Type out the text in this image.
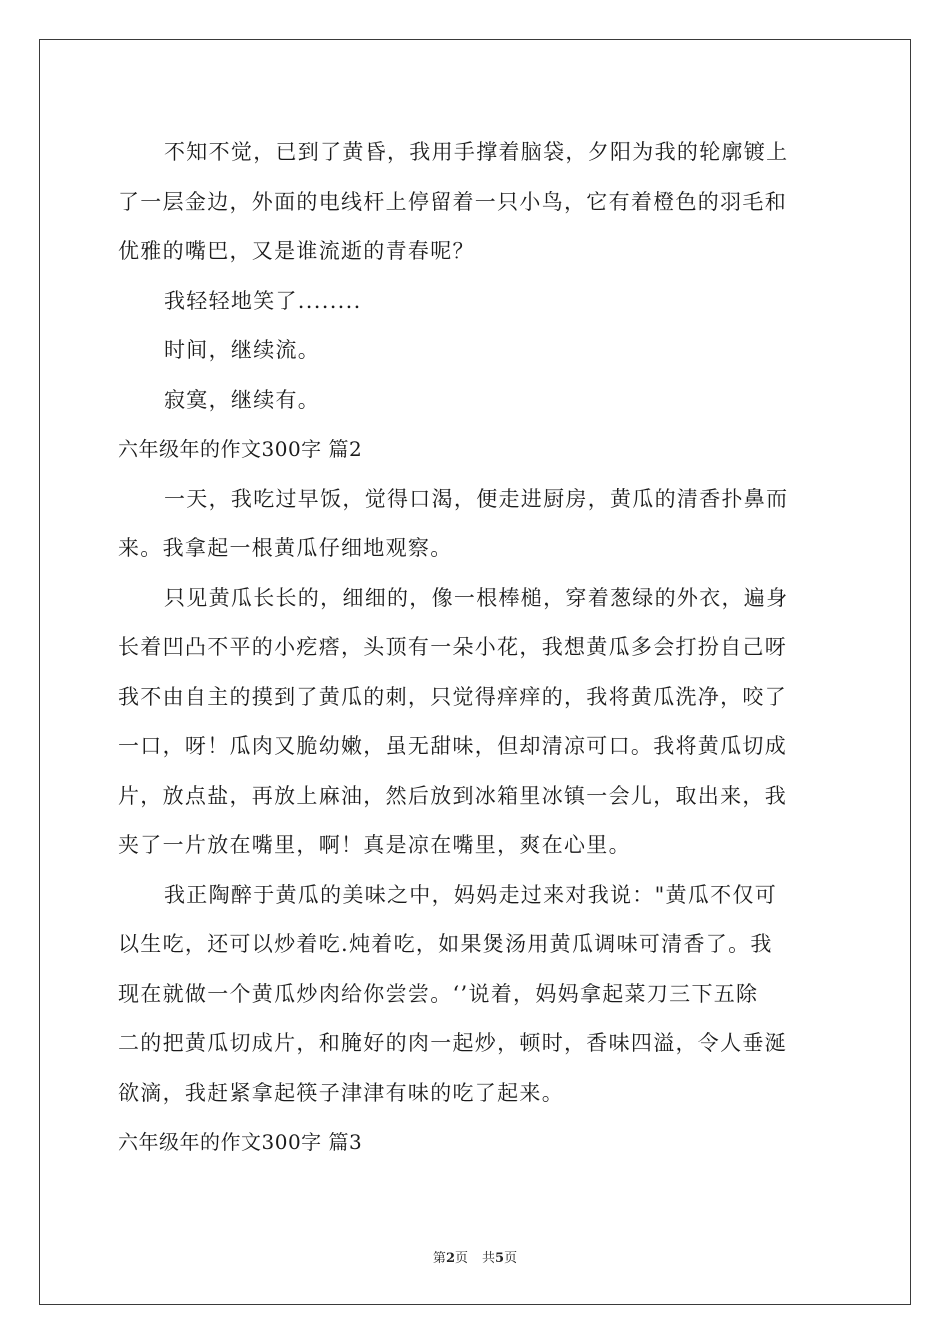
不知不觉，已到了黄昏，我用手撑着脑袋，夕阳为我的轮廓镀上
了一层金边，外面的电线杆上停留着一只小鸟，它有着橙色的羽毛和
优雅的嘴巴，又是谁流逝的青春呢？
我轻轻地笑了........
时间，继续流。
寂寞，继续有。
六年级年的作文300字 篇2
一天，我吃过早饭，觉得口渴，便走进厨房，黄瓜的清香扑鼻而
来。我拿起一根黄瓜仔细地观察。
只见黄瓜长长的，细细的，像一根棒槌，穿着葱绿的外衣，遍身
长着凹凸不平的小疙瘩，头顶有一朵小花，我想黄瓜多会打扮自己呀
我不由自主的摸到了黄瓜的刺，只觉得痒痒的，我将黄瓜洗净，咬了
一口，呀！瓜肉又脆幼嫩，虽无甜味，但却清凉可口。我将黄瓜切成
片，放点盐，再放上麻油，然后放到冰箱里冰镇一会儿，取出来，我
夹了一片放在嘴里，啊！真是凉在嘴里，爽在心里。
我正陶醉于黄瓜的美味之中，妈妈走过来对我说："黄瓜不仅可
以生吃，还可以炒着吃.炖着吃，如果煲汤用黄瓜调味可清香了。我
现在就做一个黄瓜炒肉给你尝尝。‘’说着，妈妈拿起菜刀三下五除
二的把黄瓜切成片，和腌好的肉一起炒，顿时，香味四溢，令人垂涎
欲滴，我赶紧拿起筷子津津有味的吃了起来。
六年级年的作文300字 篇3
第2页 共5页
